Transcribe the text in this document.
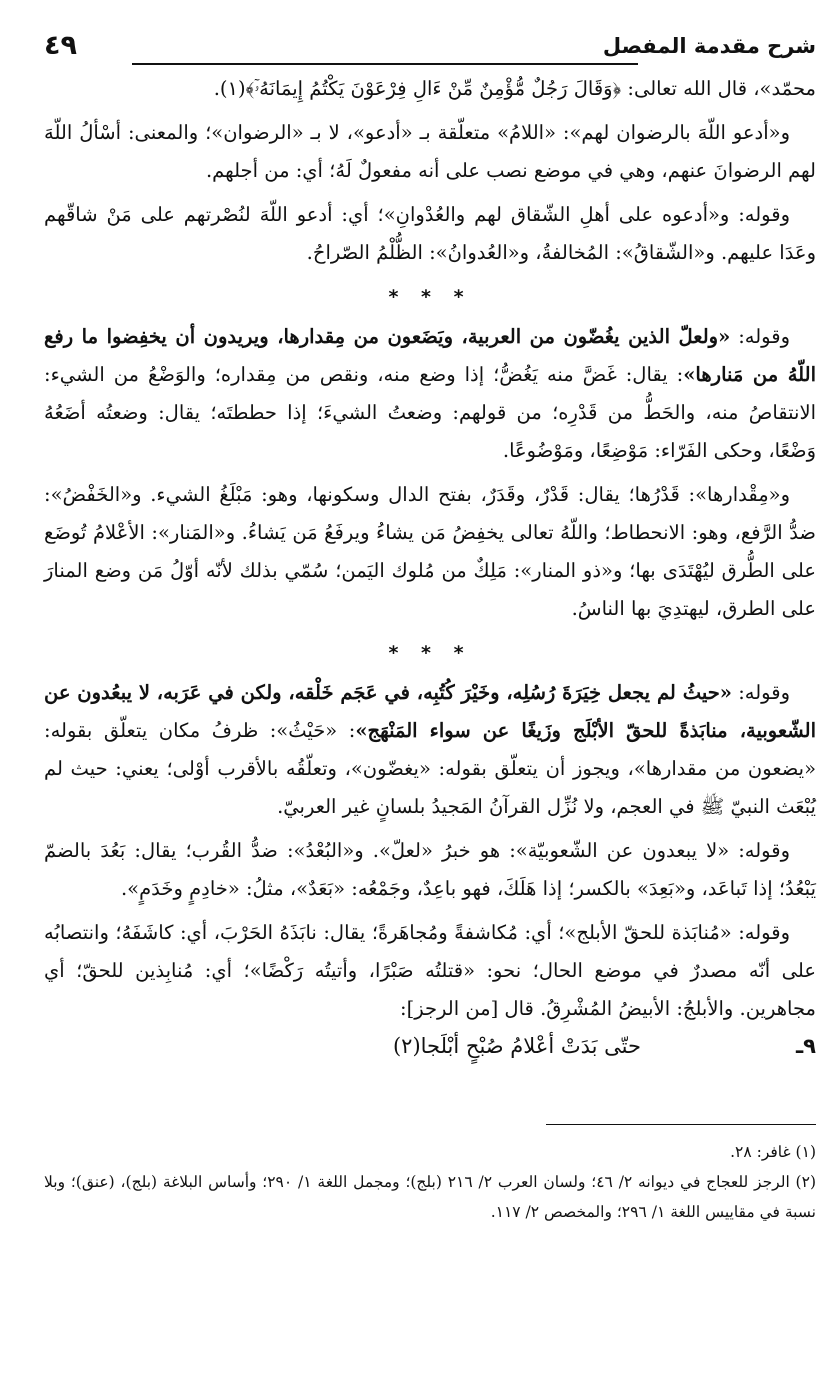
شرح مقدمة المفصل
٤٩

محمّد»، قال الله تعالى: ﴿وَقَالَ رَجُلٌ مُّؤْمِنٌ مِّنْ ءَالِ فِرْعَوْنَ يَكْتُمُ إِيمَانَهُۥٓ﴾(١).

و«أدعو اللّهَ بالرضوان لهم»: «اللامُ» متعلّقة بـ «أدعو»، لا بـ «الرضوان»؛ والمعنى: أسْألُ اللّهَ لهم الرضوانَ عنهم، وهي في موضع نصب على أنه مفعولٌ لَهُ؛ أي: من أجلهم.

وقوله: و«أدعوه على أهلِ الشّقاق لهم والعُدْوانِ»؛ أي: أدعو اللّهَ لنُصْرتهم على مَنْ شاقّهم وعَدَا عليهم. و«الشّقاقُ»: المُخالفةُ، و«العُدوانُ»: الظُّلْمُ الصّراحُ.

* * *

وقوله: «ولعلّ الذين يغُضّون من العربية، ويَضَعون من مِقدارها، ويريدون أن يخفِضوا ما رفع اللّهُ من مَنارها»: يقال: غَضَّ منه يَغُضُّ؛ إذا وضع منه، ونقص من مِقداره؛ والوَضْعُ من الشيء: الانتقاصُ منه، والحَطُّ من قَدْرِه؛ من قولهم: وضعتُ الشيءَ؛ إذا حططتَه؛ يقال: وضعتُه أضَعُهُ وَضْعًا، وحكى الفَرّاء: مَوْضِعًا، ومَوْضُوعًا.

و«مِقْدارها»: قَدْرُها؛ يقال: قَدْرٌ، وقَدَرٌ، بفتح الدال وسكونها، وهو: مَبْلَغُ الشيء. و«الخَفْضُ»: ضدُّ الرَّفع، وهو: الانحطاط؛ واللّهُ تعالى يخفِضُ مَن يشاءُ ويرفَعُ مَن يَشاءُ. و«المَنار»: الأعْلامُ تُوضَع على الطُّرق ليُهْتَدَى بها؛ و«ذو المنار»: مَلِكٌ من مُلوك اليَمن؛ سُمّي بذلك لأنّه أوّلُ مَن وضع المنارَ على الطرق، ليهتدِيَ بها الناسُ.

* * *

وقوله: «حيثُ لم يجعل خِيَرَةَ رُسُلِه، وخَيْرَ كُتُبِه، في عَجَم خَلْقه، ولكن في عَرَبه، لا يبعُدون عن الشّعوبية، منابَذةً للحقّ الأبْلَج وزَيغًا عن سواء المَنْهَج»: «حَيْثُ»: ظرفُ مكان يتعلّق بقوله: «يضعون من مقدارها»، ويجوز أن يتعلّق بقوله: «يغضّون»، وتعلّقُه بالأقرب أوْلى؛ يعني: حيث لم يُبْعَث النبيّ ﷺ في العجم، ولا نُزِّل القرآنُ المَجيدُ بلسانٍ غير العربيّ.

وقوله: «لا يبعدون عن الشّعوبيّة»: هو خبرُ «لعلّ». و«البُعْدُ»: ضدُّ القُرب؛ يقال: بَعُدَ بالضمّ يَبْعُدُ؛ إذا تَباعَد، و«بَعِدَ» بالكسر؛ إذا هَلَكَ، فهو باعِدٌ، وجَمْعُه: «بَعَدٌ»، مثلُ: «خادِمٍ وخَدَمٍ».

وقوله: «مُنابَذة للحقّ الأبلج»؛ أي: مُكاشفةً ومُجاهَرةً؛ يقال: نابَذَهُ الحَرْبَ، أي: كاشَفَهُ؛ وانتصابُه على أنّه مصدرٌ في موضع الحال؛ نحو: «قتلتُه صَبْرًا، وأتيتُه رَكْضًا»؛ أي: مُنابِذين للحقّ؛ أي مجاهرين. والأبلجُ: الأبيضُ المُشْرِقُ. قال [من الرجز]:

٩ـ
حتّى بَدَتْ أعْلامُ صُبْحٍ أبْلَجا(٢)

(١) غافر: ٢٨.

(٢) الرجز للعجاج في ديوانه ٢/ ٤٦؛ ولسان العرب ٢/ ٢١٦ (بلج)؛ ومجمل اللغة ١/ ٢٩٠؛ وأساس البلاغة (بلج)، (عنق)؛ وبلا نسبة في مقاييس اللغة ١/ ٢٩٦؛ والمخصص ٢/ ١١٧.
